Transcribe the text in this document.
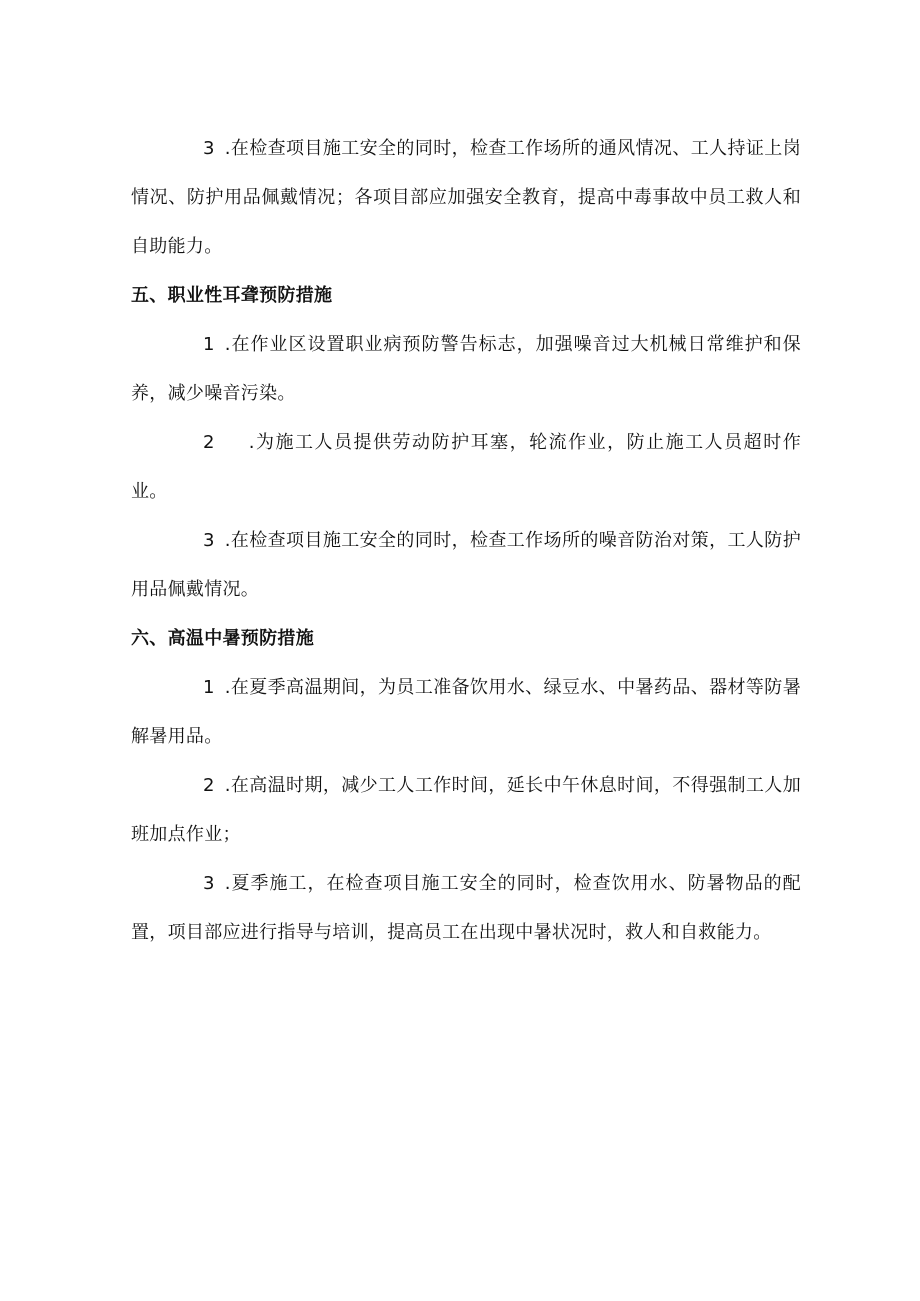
3 .在检查项目施工安全的同时，检查工作场所的通风情况、工人持证上岗情况、防护用品佩戴情况；各项目部应加强安全教育，提高中毒事故中员工救人和自助能力。

五、职业性耳聋预防措施

1 .在作业区设置职业病预防警告标志，加强噪音过大机械日常维护和保养，减少噪音污染。

2 .为施工人员提供劳动防护耳塞，轮流作业，防止施工人员超时作业。

3 .在检查项目施工安全的同时，检查工作场所的噪音防治对策，工人防护用品佩戴情况。

六、高温中暑预防措施

1 .在夏季高温期间，为员工准备饮用水、绿豆水、中暑药品、器材等防暑解暑用品。

2 .在高温时期，减少工人工作时间，延长中午休息时间，不得强制工人加班加点作业；

3 .夏季施工，在检查项目施工安全的同时，检查饮用水、防暑物品的配置，项目部应进行指导与培训，提高员工在出现中暑状况时，救人和自救能力。
